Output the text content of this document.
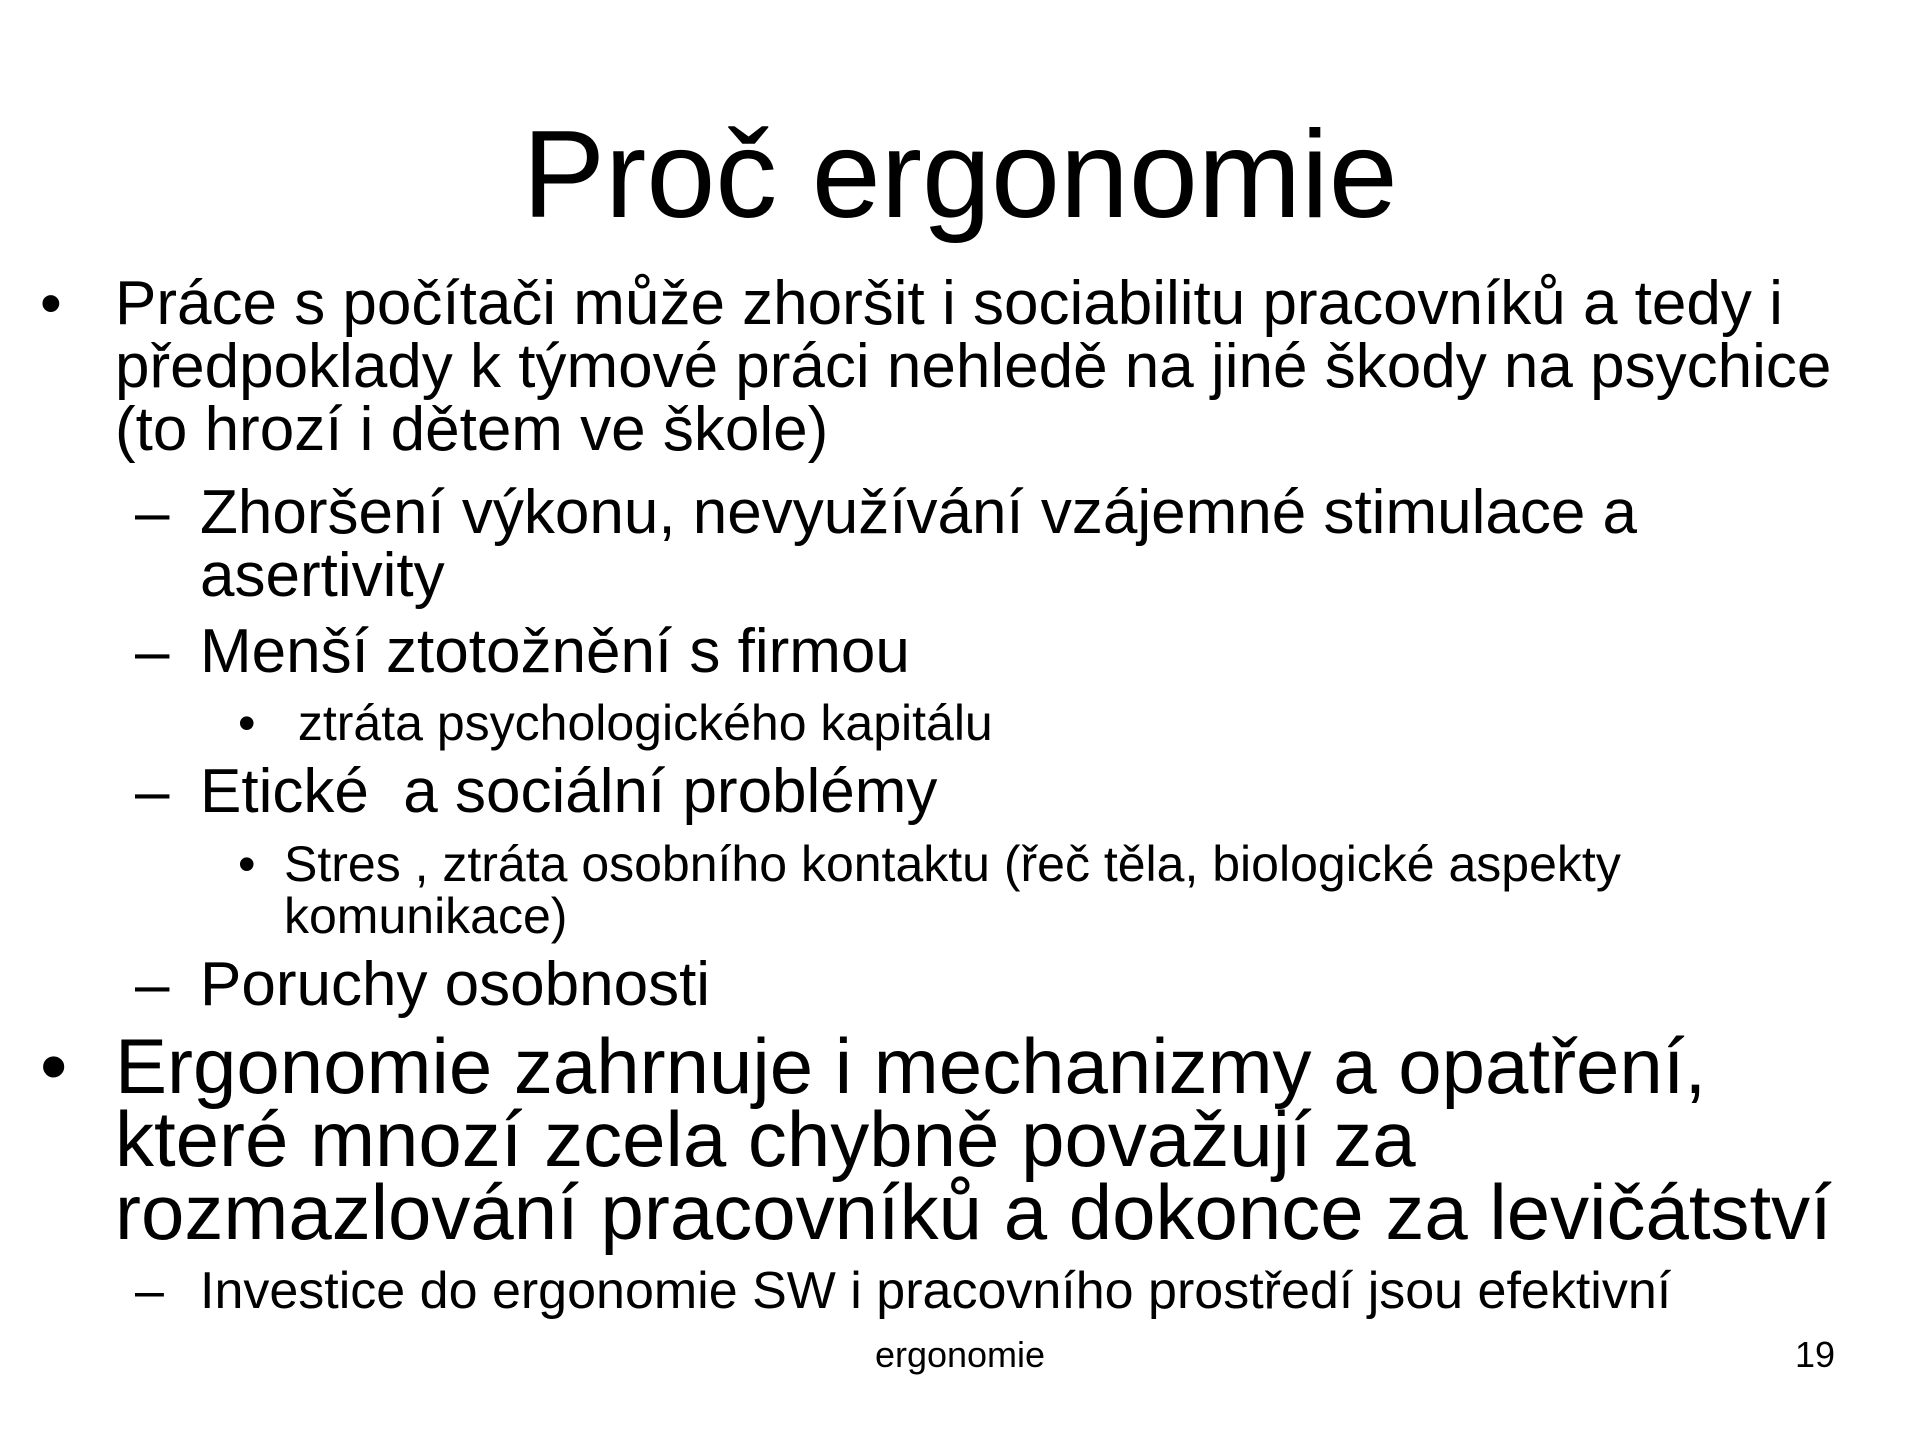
Proč ergonomie
• Práce s počítači může zhoršit i sociabilitu pracovníků a tedy i předpoklady k týmové práci nehledě na jiné škody na psychice (to hrozí i dětem ve škole)
– Zhoršení výkonu, nevyužívání vzájemné stimulace a asertivity
– Menší ztotožnění s firmou
• ztráta psychologického kapitálu
– Etické  a sociální problémy
• Stres , ztráta osobního kontaktu (řeč těla, biologické aspekty komunikace)
– Poruchy osobnosti
• Ergonomie zahrnuje i mechanizmy a opatření, které mnozí zcela chybně považují za rozmazlování pracovníků a dokonce za levičátství
– Investice do ergonomie SW i pracovního prostředí jsou efektivní
ergonomie	19
